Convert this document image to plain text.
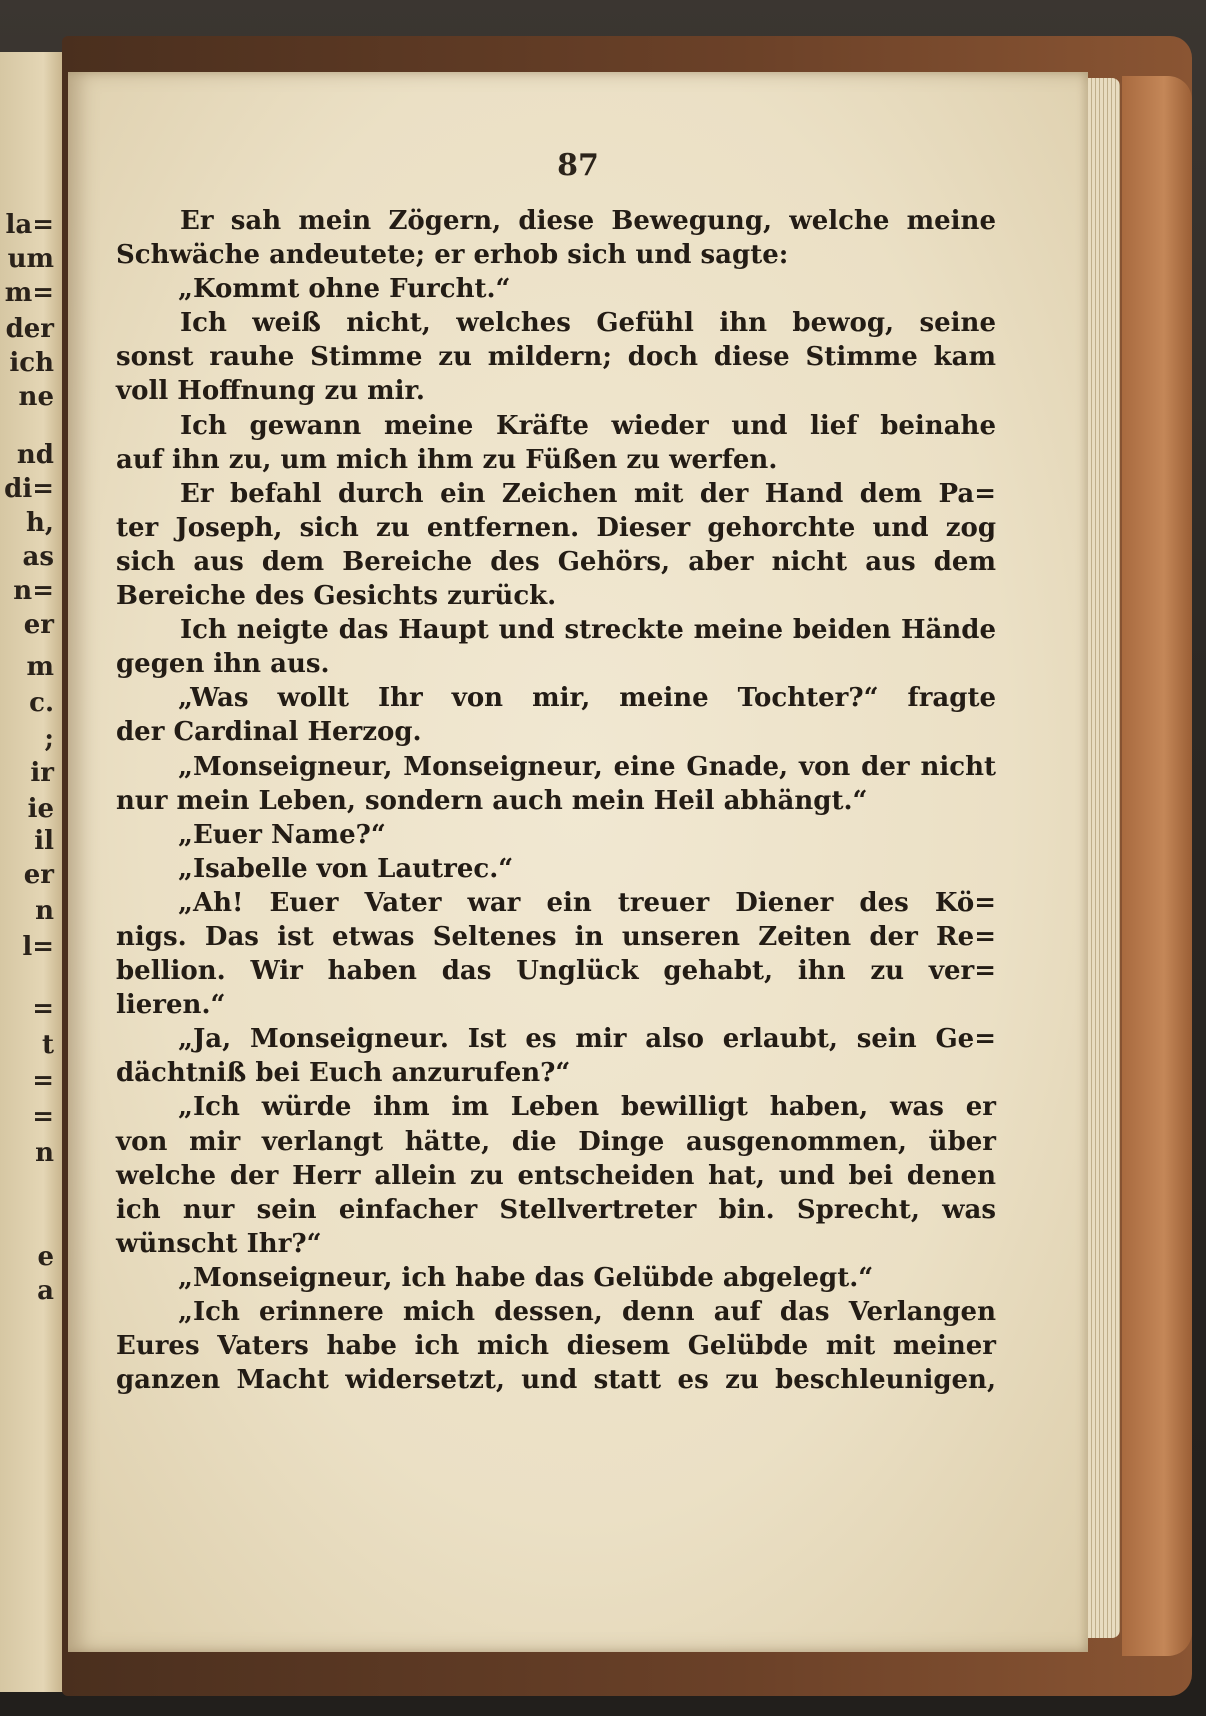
la=
um
m=
der
ich
ne
nd
di=
h,
as
n=
er
m
c.
;
ir
ie
il
er
n
l=
=
t
=
=
n
e
a
87
Er sah mein Zögern, diese Bewegung, welche meine
Schwäche andeutete; er erhob sich und sagte:
„Kommt ohne Furcht.“
Ich weiß nicht, welches Gefühl ihn bewog, seine
sonst rauhe Stimme zu mildern; doch diese Stimme kam
voll Hoffnung zu mir.
Ich gewann meine Kräfte wieder und lief beinahe
auf ihn zu, um mich ihm zu Füßen zu werfen.
Er befahl durch ein Zeichen mit der Hand dem Pa=
ter Joseph, sich zu entfernen. Dieser gehorchte und zog
sich aus dem Bereiche des Gehörs, aber nicht aus dem
Bereiche des Gesichts zurück.
Ich neigte das Haupt und streckte meine beiden Hände
gegen ihn aus.
„Was wollt Ihr von mir, meine Tochter?“ fragte
der Cardinal Herzog.
„Monseigneur, Monseigneur, eine Gnade, von der nicht
nur mein Leben, sondern auch mein Heil abhängt.“
„Euer Name?“
„Isabelle von Lautrec.“
„Ah! Euer Vater war ein treuer Diener des Kö=
nigs. Das ist etwas Seltenes in unseren Zeiten der Re=
bellion. Wir haben das Unglück gehabt, ihn zu ver=
lieren.“
„Ja, Monseigneur. Ist es mir also erlaubt, sein Ge=
dächtniß bei Euch anzurufen?“
„Ich würde ihm im Leben bewilligt haben, was er
von mir verlangt hätte, die Dinge ausgenommen, über
welche der Herr allein zu entscheiden hat, und bei denen
ich nur sein einfacher Stellvertreter bin. Sprecht, was
wünscht Ihr?“
„Monseigneur, ich habe das Gelübde abgelegt.“
„Ich erinnere mich dessen, denn auf das Verlangen
Eures Vaters habe ich mich diesem Gelübde mit meiner
ganzen Macht widersetzt, und statt es zu beschleunigen,
